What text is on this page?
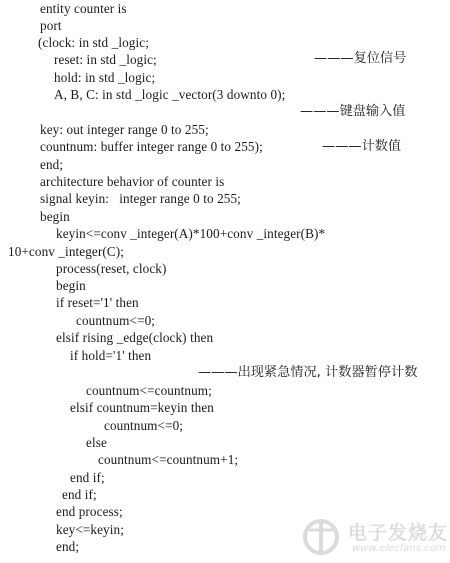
entity counter is
port
(clock: in std _logic;
reset: in std _logic;	———复位信号
hold: in std _logic;
A, B, C: in std _logic _vector(3 downto 0);
———键盘输入值
key: out integer range 0 to 255;
countnum: buffer integer range 0 to 255);	———计数值
end;
architecture behavior of counter is
signal keyin:   integer range 0 to 255;
begin
keyin<=conv _integer(A)*100+conv _integer(B)*
10+conv _integer(C);
process(reset, clock)
begin
if reset='1' then
countnum<=0;
elsif rising _edge(clock) then
if hold='1' then
———出现紧急情况, 计数器暂停计数
countnum<=countnum;
elsif countnum=keyin then
countnum<=0;
else
countnum<=countnum+1;
end if;
end if;
end process;
key<=keyin;
end;
电子发烧友
www.elecfans.com
